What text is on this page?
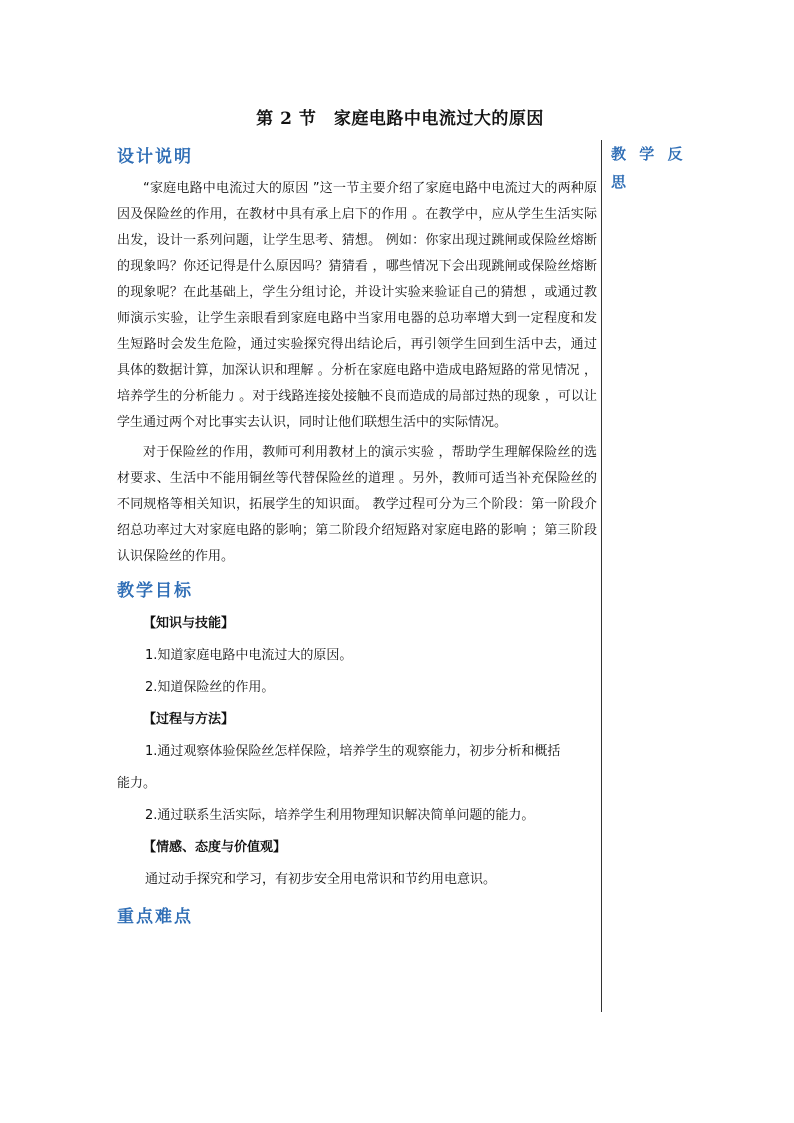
第 2 节　家庭电路中电流过大的原因
教 学 反 思
设计说明

“家庭电路中电流过大的原因 ”这一节主要介绍了家庭电路中电流过大的两种原因及保险丝的作用，在教材中具有承上启下的作用 。在教学中，应从学生生活实际出发，设计一系列问题，让学生思考、猜想。 例如：你家出现过跳闸或保险丝熔断的现象吗？你还记得是什么原因吗？猜猜看 ，哪些情况下会出现跳闸或保险丝熔断的现象呢？在此基础上，学生分组讨论，并设计实验来验证自己的猜想 ，或通过教师演示实验，让学生亲眼看到家庭电路中当家用电器的总功率增大到一定程度和发生短路时会发生危险，通过实验探究得出结论后，再引领学生回到生活中去，通过具体的数据计算，加深认识和理解 。分析在家庭电路中造成电路短路的常见情况 ，培养学生的分析能力 。对于线路连接处接触不良而造成的局部过热的现象 ，可以让学生通过两个对比事实去认识，同时让他们联想生活中的实际情况。

对于保险丝的作用，教师可利用教材上的演示实验 ，帮助学生理解保险丝的选材要求、生活中不能用铜丝等代替保险丝的道理 。另外，教师可适当补充保险丝的不同规格等相关知识，拓展学生的知识面。 教学过程可分为三个阶段：第一阶段介绍总功率过大对家庭电路的影响；第二阶段介绍短路对家庭电路的影响 ；第三阶段认识保险丝的作用。

教学目标
【知识与技能】

1.知道家庭电路中电流过大的原因。

2.知道保险丝的作用。

【过程与方法】

1.通过观察体验保险丝怎样保险，培养学生的观察能力，初步分析和概括

能力。

2.通过联系生活实际，培养学生利用物理知识解决简单问题的能力。

【情感、态度与价值观】

通过动手探究和学习，有初步安全用电常识和节约用电意识。

重点难点
